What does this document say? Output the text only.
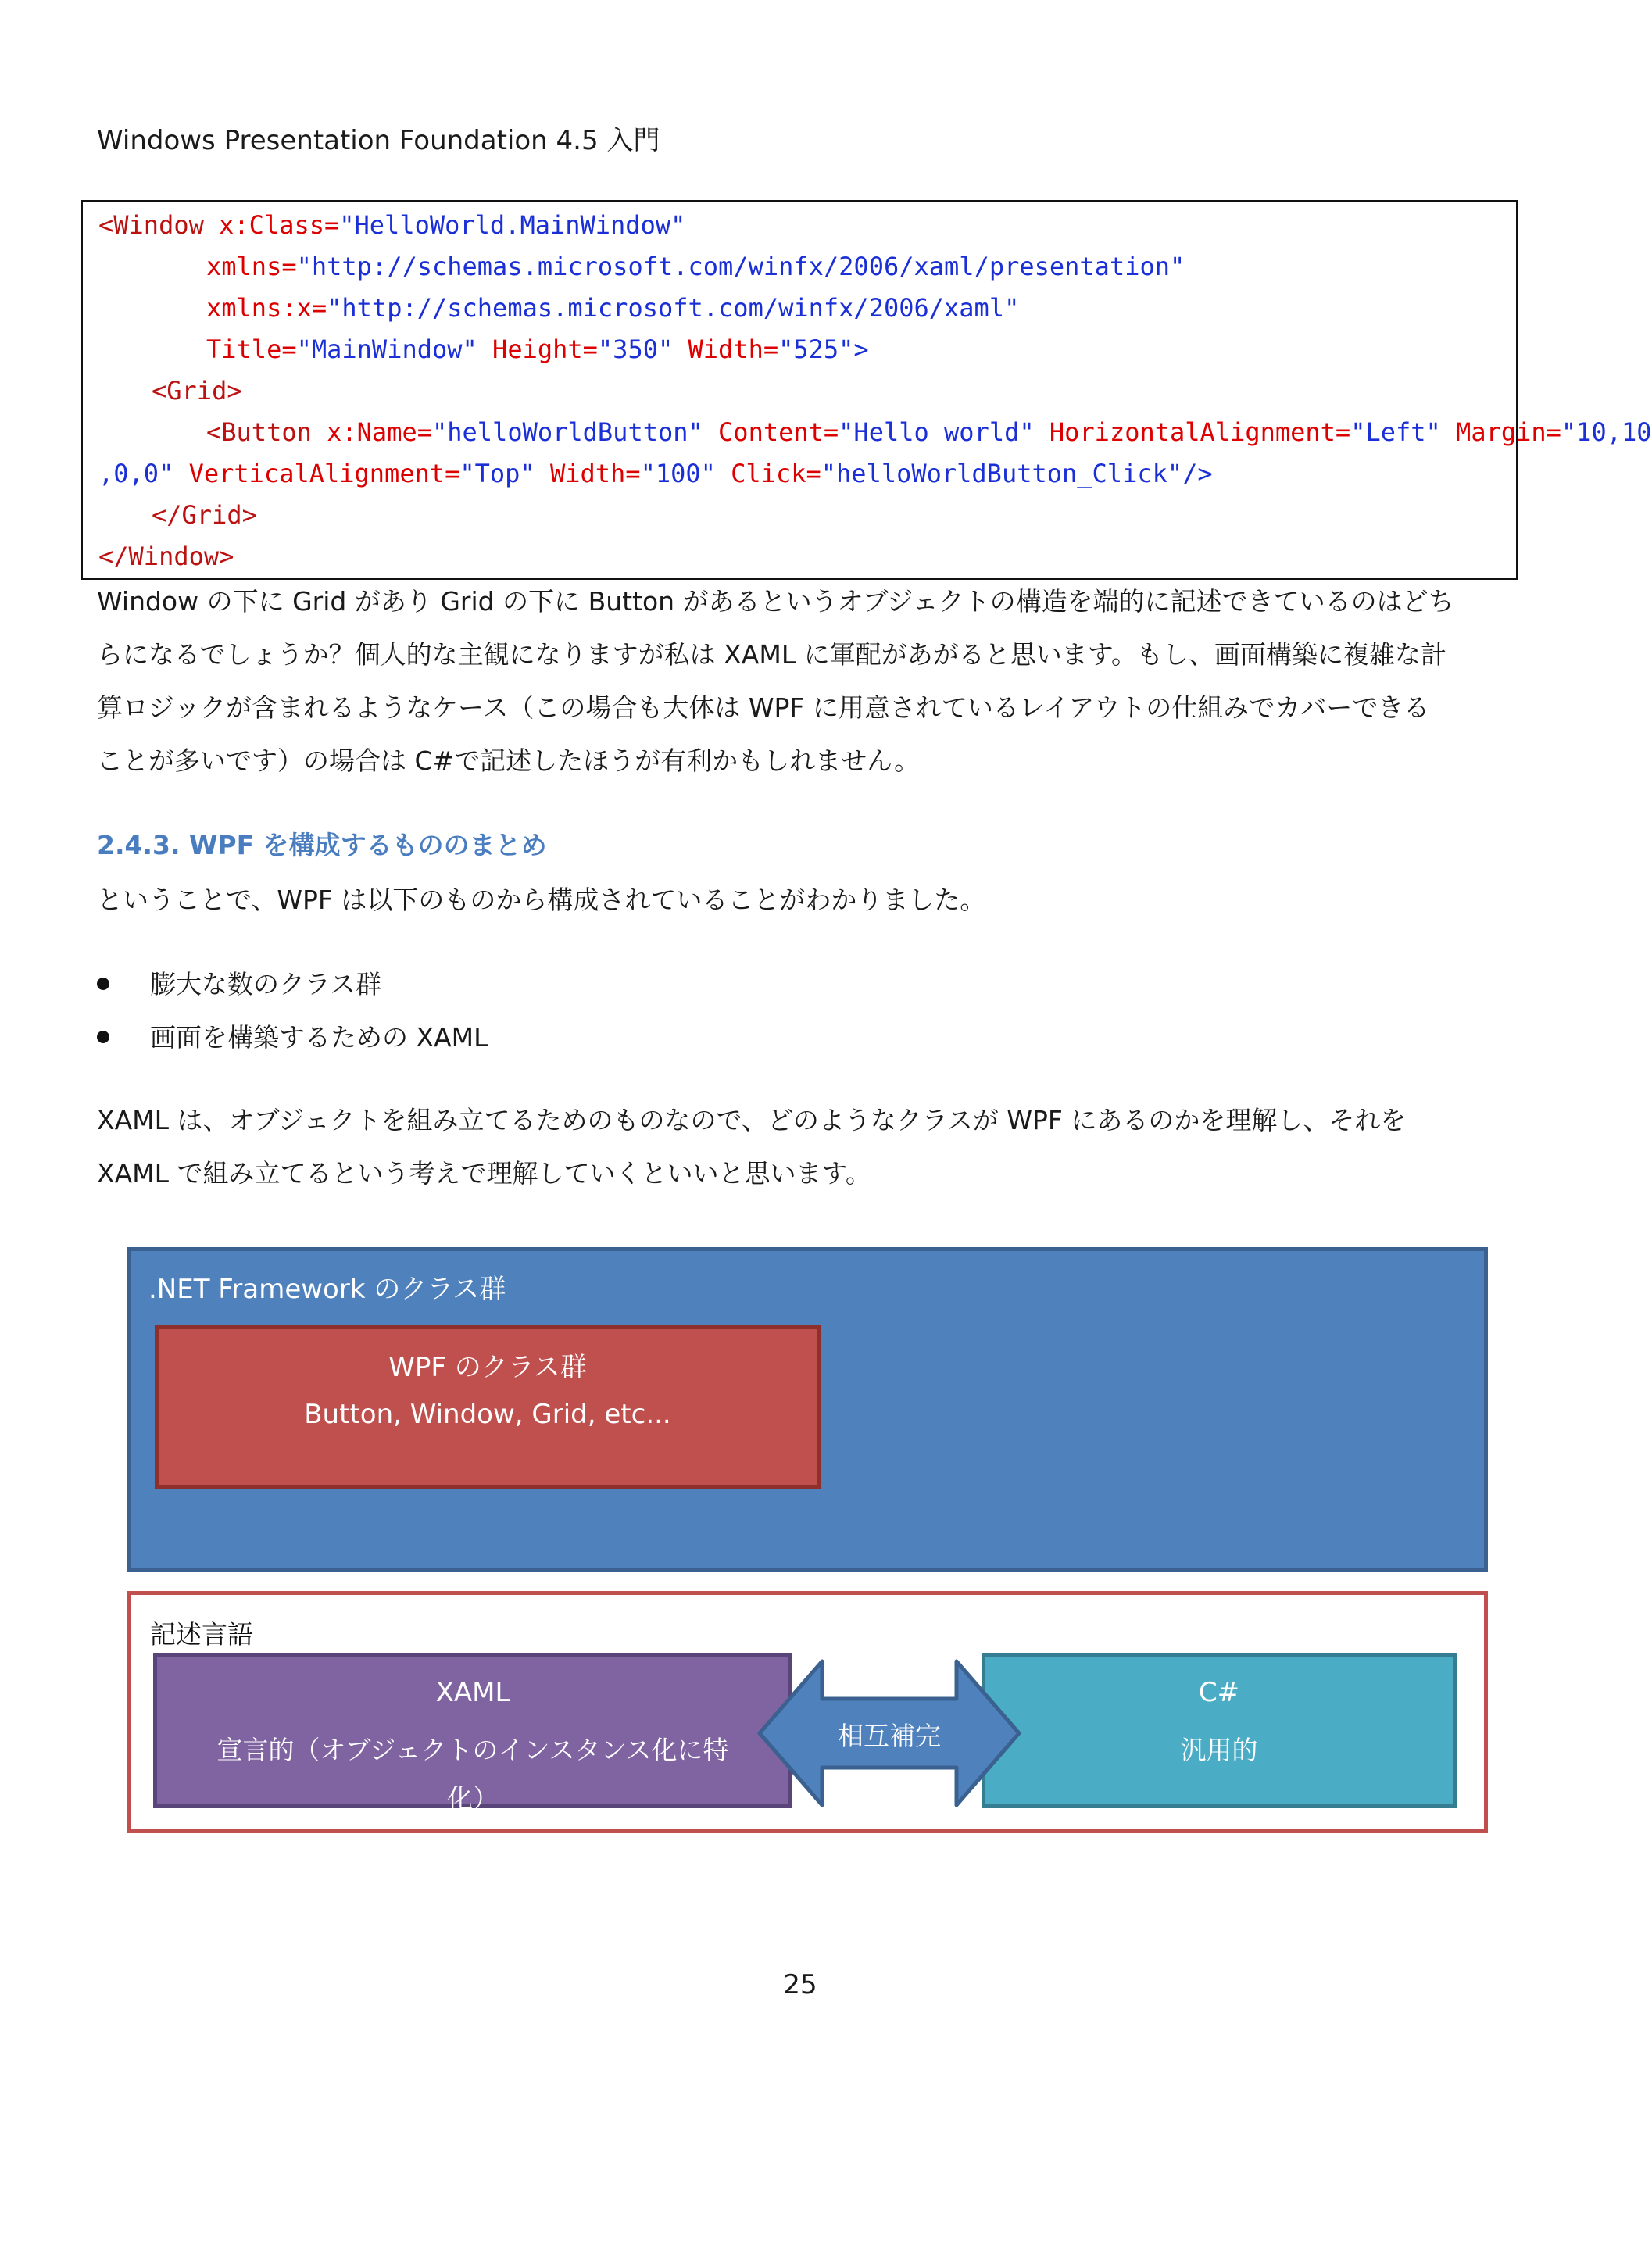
Windows Presentation Foundation 4.5 入門
<Window x:Class="HelloWorld.MainWindow"
xmlns="http://schemas.microsoft.com/winfx/2006/xaml/presentation"
xmlns:x="http://schemas.microsoft.com/winfx/2006/xaml"
Title="MainWindow" Height="350" Width="525">
<Grid>
<Button x:Name="helloWorldButton" Content="Hello world" HorizontalAlignment="Left" Margin="10,10
,0,0" VerticalAlignment="Top" Width="100" Click="helloWorldButton_Click"/>
</Grid>
</Window>

Window の下に Grid があり Grid の下に Button があるというオブジェクトの構造を端的に記述できているのはどち

らになるでしょうか？個人的な主観になりますが私は XAML に軍配があがると思います。もし、画面構築に複雑な計

算ロジックが含まれるようなケース（この場合も大体は WPF に用意されているレイアウトの仕組みでカバーできる

ことが多いです）の場合は C#で記述したほうが有利かもしれません。

2.4.3. WPF を構成するもののまとめ
ということで、WPF は以下のものから構成されていることがわかりました。
膨大な数のクラス群
画面を構築するための XAML

XAML は、オブジェクトを組み立てるためのものなので、どのようなクラスが WPF にあるのかを理解し、それを

XAML で組み立てるという考えで理解していくといいと思います。

.NET Framework のクラス群
WPF のクラス群
Button, Window, Grid, etc...
記述言語
XAML
宣言的（オブジェクトのインスタンス化に特
化）
C#
汎用的
相互補完
25
